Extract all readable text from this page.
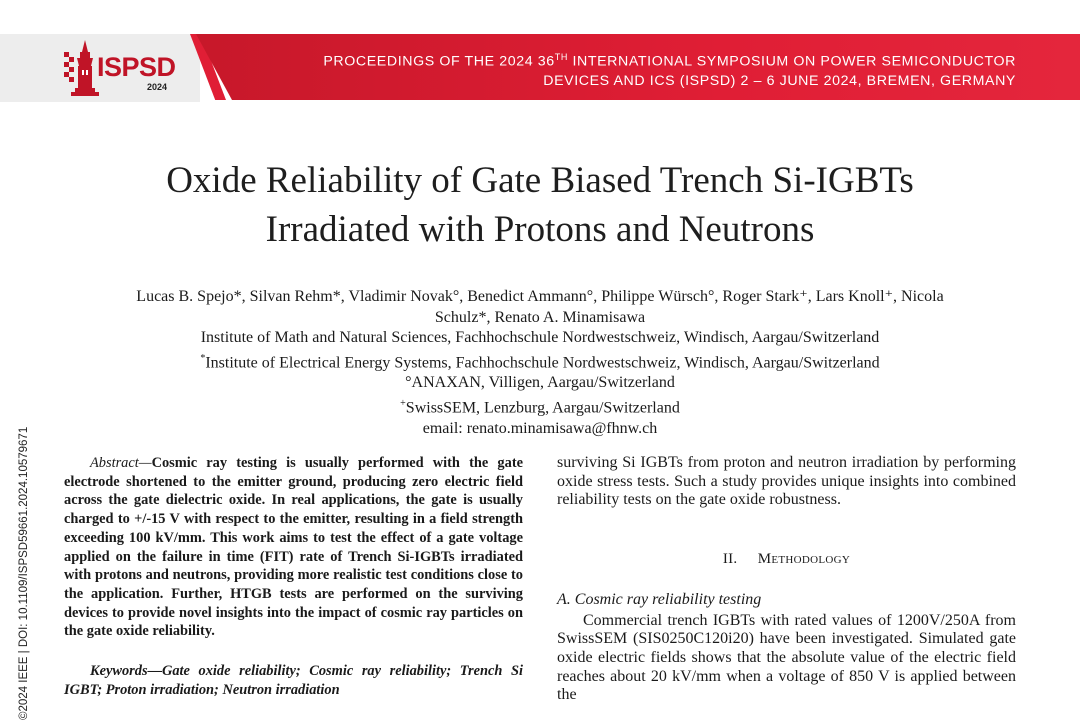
ISPSD
2024
PROCEEDINGS OF THE 2024 36TH INTERNATIONAL SYMPOSIUM ON POWER SEMICONDUCTOR
DEVICES AND ICS (ISPSD) 2 – 6 JUNE 2024, BREMEN, GERMANY
Oxide Reliability of Gate Biased Trench Si-IGBTs
Irradiated with Protons and Neutrons
Lucas B. Spejo*, Silvan Rehm*, Vladimir Novak°, Benedict Ammann°, Philippe Würsch°, Roger Stark⁺, Lars Knoll⁺, Nicola
Schulz*, Renato A. Minamisawa
Institute of Math and Natural Sciences, Fachhochschule Nordwestschweiz, Windisch, Aargau/Switzerland
*Institute of Electrical Energy Systems, Fachhochschule Nordwestschweiz, Windisch, Aargau/Switzerland
°ANAXAN, Villigen, Aargau/Switzerland
+SwissSEM, Lenzburg, Aargau/Switzerland
email: renato.minamisawa@fhnw.ch
©2024 IEEE | DOI: 10.1109/ISPSD59661.2024.10579671	Abstract—Cosmic ray testing is usually performed with the gate electrode shortened to the emitter ground, producing zero electric field across the gate dielectric oxide. In real applications, the gate is usually charged to +/-15 V with respect to the emitter, resulting in a field strength exceeding 100 kV/mm. This work aims to test the effect of a gate voltage applied on the failure in time (FIT) rate of Trench Si-IGBTs irradiated with protons and neutrons, providing more realistic test conditions close to the application. Further, HTGB tests are performed on the surviving devices to provide novel insights into the impact of cosmic ray particles on the gate oxide reliability.

Keywords—Gate oxide reliability; Cosmic ray reliability; Trench Si IGBT; Proton irradiation; Neutron irradiation

surviving Si IGBTs from proton and neutron irradiation by performing oxide stress tests. Such a study provides unique insights into combined reliability tests on the gate oxide robustness.

II. Methodology

A. Cosmic ray reliability testing

Commercial trench IGBTs with rated values of 1200V/250A from SwissSEM (SIS0250C120i20) have been investigated. Simulated gate oxide electric fields shows that the absolute value of the electric field reaches about 20 kV/mm when a voltage of 850 V is applied between the
